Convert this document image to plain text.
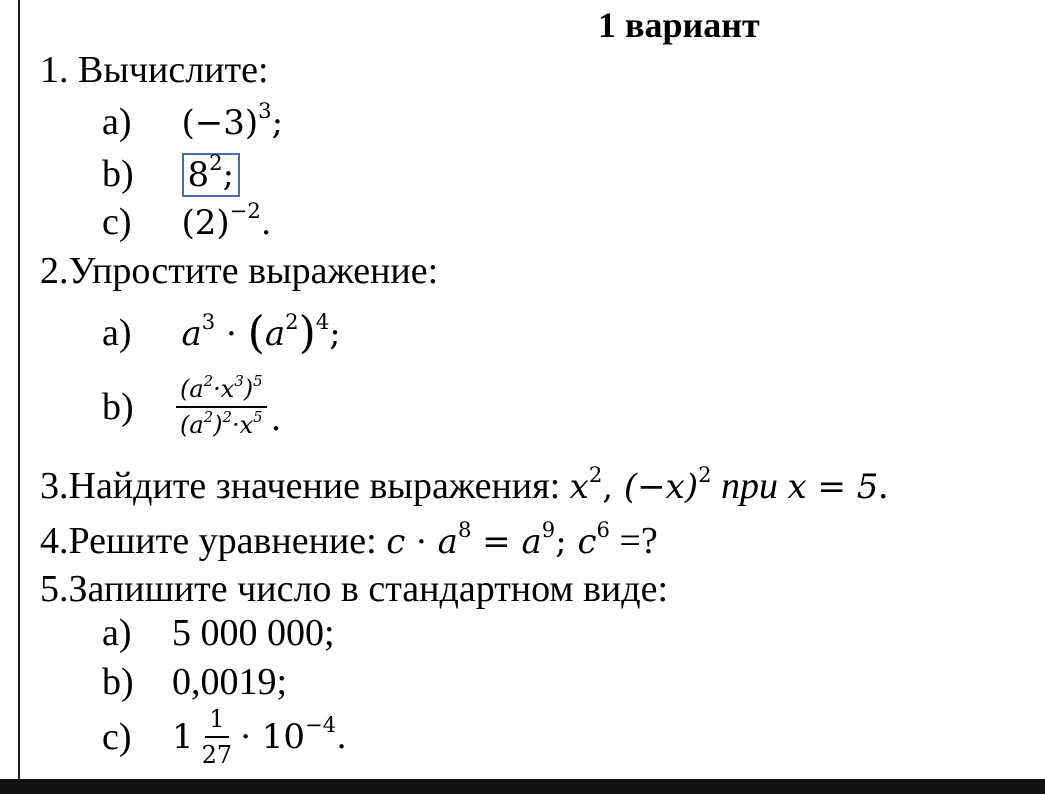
1 вариант
1. Вычислите:
a) $(-3)^3$;
b) $8^2$;
c) $(2)^{-2}$.
2.Упростите выражение:
a) $a^3 \cdot (a^2)^4$;
b)	$\frac{(a^2\cdot x^3)^5}{(a^2)^2\cdot x^5}$ .
3.Найдите значение выражения: $x^2$, $(-x)^2$ при x = 5.
4.Решите уравнение: $c \cdot a^8 = a^9$; $c^6$ =?
5.Запишите число в стандартном виде:
a) 5 000 000;
b) 0,0019;
c)	$1 \frac{1}{27} \cdot 10^{-4}$.
